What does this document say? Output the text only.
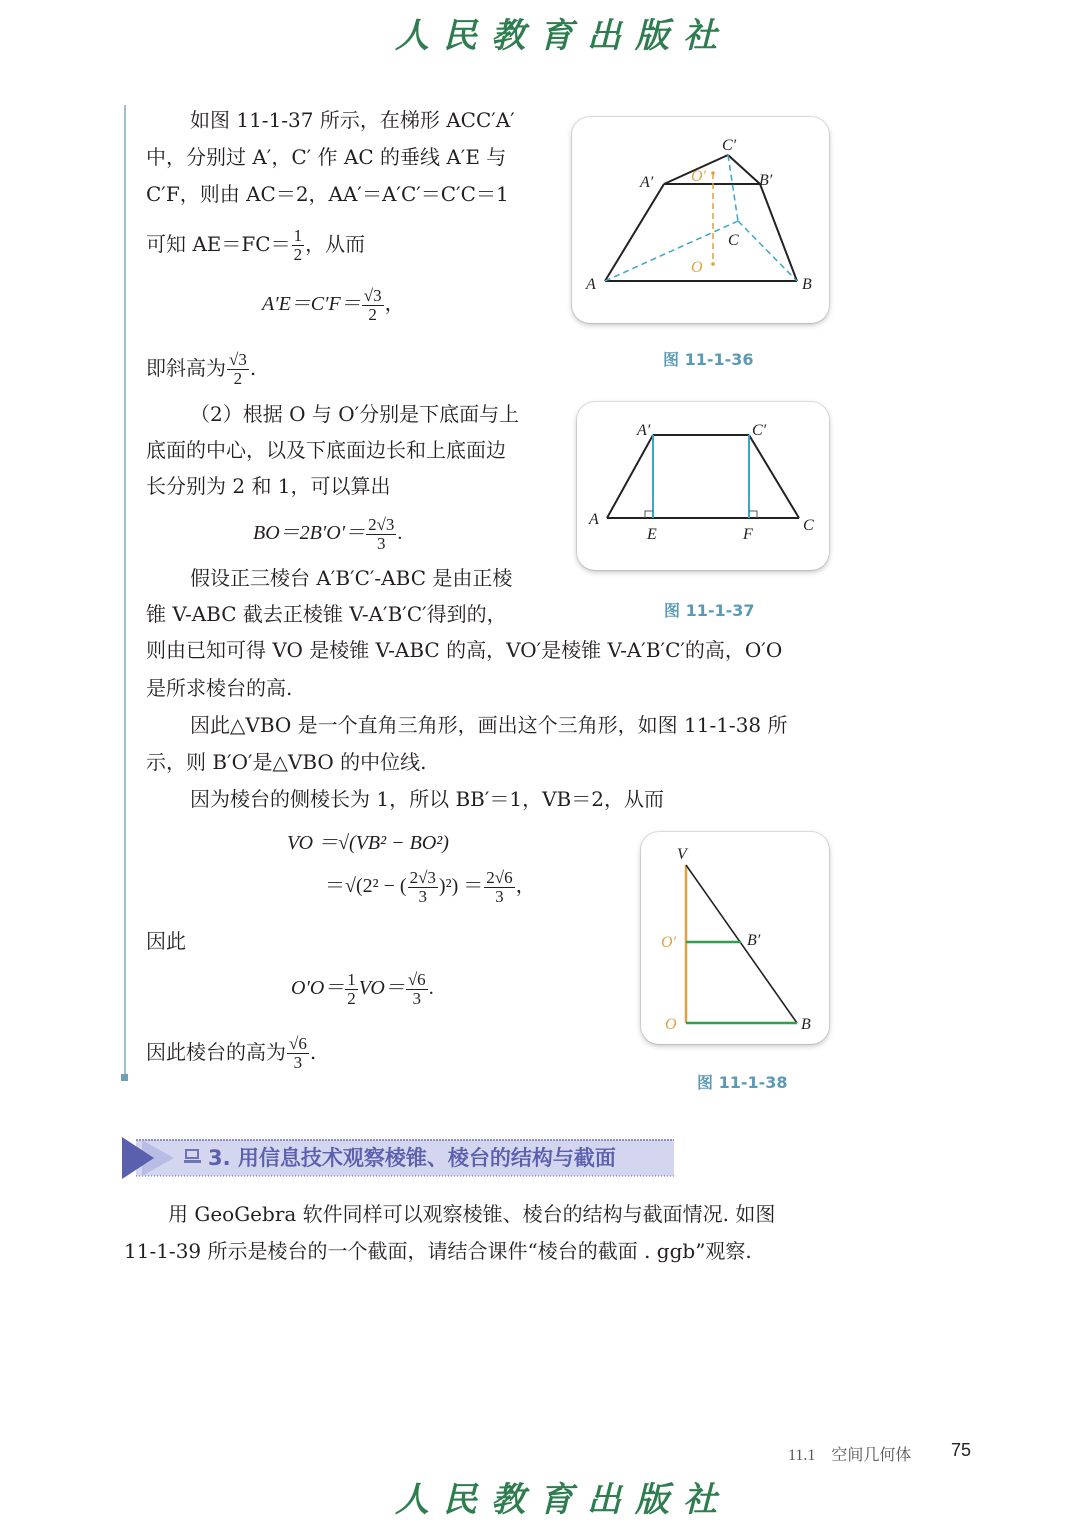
人民教育出版社
如图 11-1-37 所示，在梯形 ACC′A′
中，分别过 A′，C′ 作 AC 的垂线 A′E 与
C′F，则由 AC＝2，AA′＝A′C′＝C′C＝1
可知 $AE=FC= \frac{1}{2}$ ，从而
$A'E=C'F= \frac{√3}{2}$ ，
即斜高为 $\frac{√3}{2}$ .
（2）根据 O 与 O′分别是下底面与上
底面的中心，以及下底面边长和上底面边
长分别为 2 和 1，可以算出
$BO=2B'O'= \frac{2√3}{3}$ .
假设正三棱台 A′B′C′-ABC 是由正棱
锥 V-ABC 截去正棱锥 V-A′B′C′得到的，
则由已知可得 VO 是棱锥 V-ABC 的高，VO′是棱锥 V-A′B′C′的高，O′O
是所求棱台的高.
因此△VBO 是一个直角三角形，画出这个三角形，如图 11-1-38 所
示，则 B′O′是△VBO 的中位线.
因为棱台的侧棱长为 1，所以 BB′＝1，VB＝2，从而
VO ＝√(VB² − BO²)
＝√(2² − ( $\frac{2√3}{3} )^2) = \frac{2√6}{3}$ ，
因此
$O'O= \frac{1}{2} VO= \frac{√6}{3}$ .
因此棱台的高为 $\frac{√6}{3}$ .
A	B
C
A′	B′
C′
O′
O
图 11-1-36
A	C
A′	C′
E	F
图 11-1-37
V
O′
O
B′
B
图 11-1-38
3. 用信息技术观察棱锥、棱台的结构与截面
用 GeoGebra 软件同样可以观察棱锥、棱台的结构与截面情况. 如图
11-1-39 所示是棱台的一个截面，请结合课件“棱台的截面 . ggb”观察.
11.1　空间几何体 75
人民教育出版社
